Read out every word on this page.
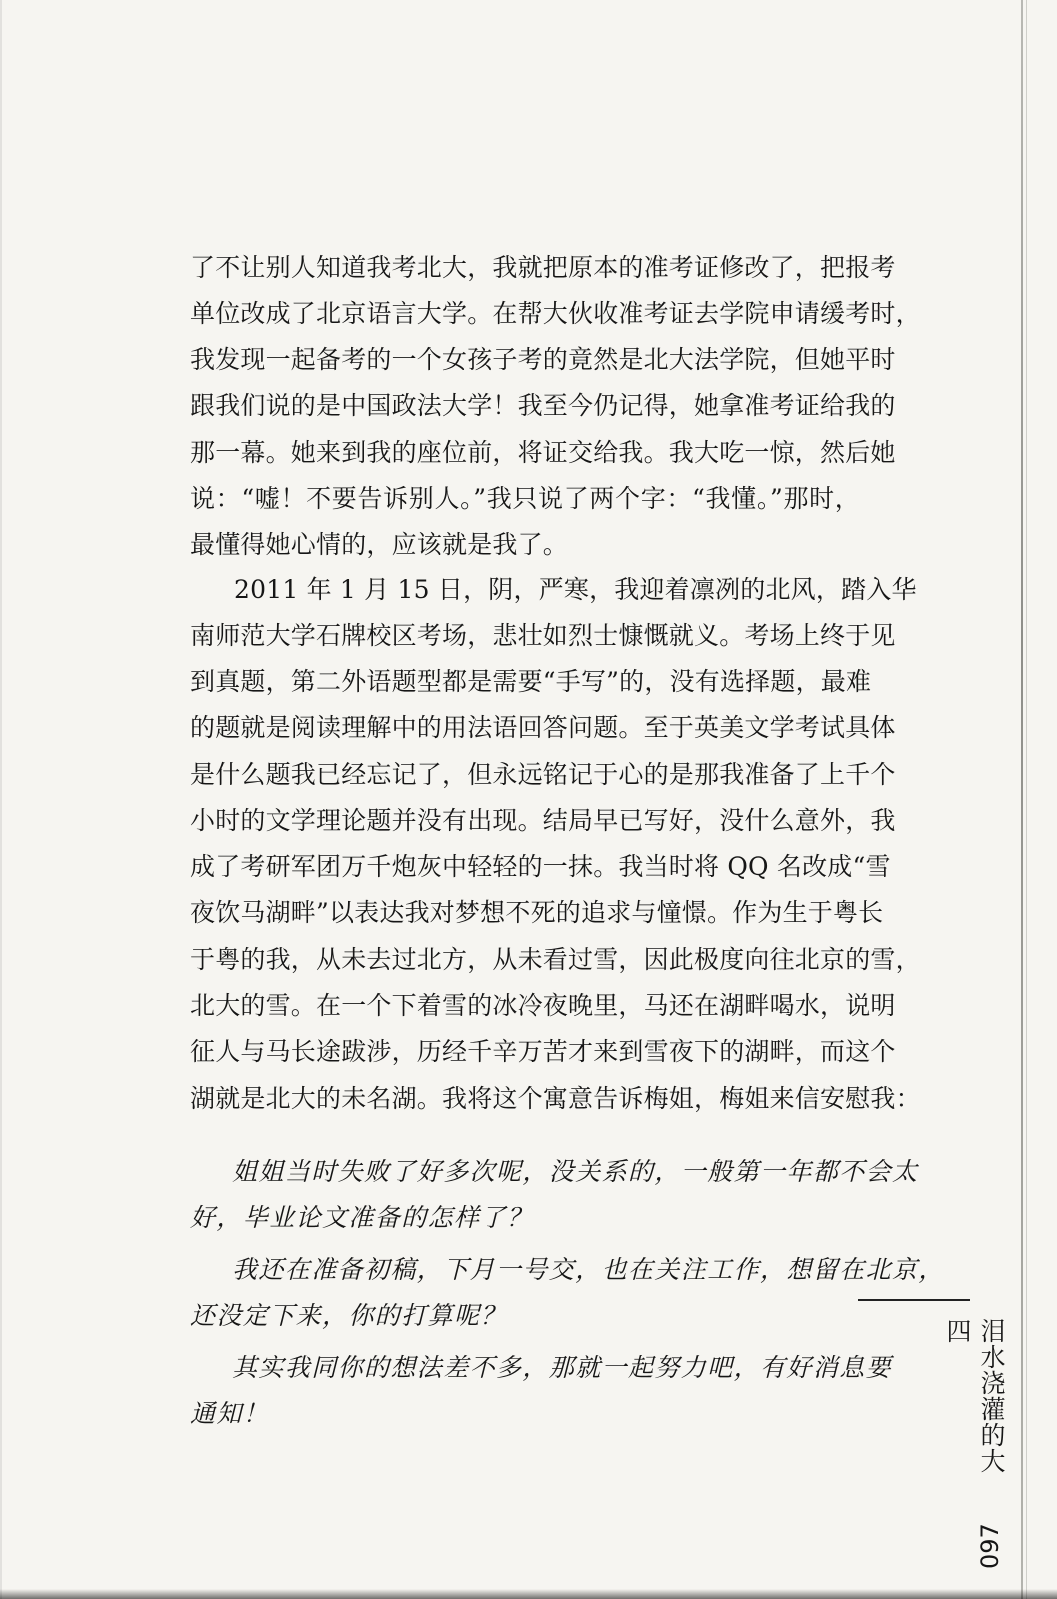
了不让别人知道我考北大，我就把原本的准考证修改了，把报考
单位改成了北京语言大学。在帮大伙收准考证去学院申请缓考时，
我发现一起备考的一个女孩子考的竟然是北大法学院，但她平时
跟我们说的是中国政法大学！我至今仍记得，她拿准考证给我的
那一幕。她来到我的座位前，将证交给我。我大吃一惊，然后她
说：“嘘！不要告诉别人。”我只说了两个字：“我懂。”那时，
最懂得她心情的，应该就是我了。
2011 年 1 月 15 日，阴，严寒，我迎着凛冽的北风，踏入华
南师范大学石牌校区考场，悲壮如烈士慷慨就义。考场上终于见
到真题，第二外语题型都是需要“手写”的，没有选择题，最难
的题就是阅读理解中的用法语回答问题。至于英美文学考试具体
是什么题我已经忘记了，但永远铭记于心的是那我准备了上千个
小时的文学理论题并没有出现。结局早已写好，没什么意外，我
成了考研军团万千炮灰中轻轻的一抹。我当时将 QQ 名改成“雪
夜饮马湖畔”以表达我对梦想不死的追求与憧憬。作为生于粤长
于粤的我，从未去过北方，从未看过雪，因此极度向往北京的雪，
北大的雪。在一个下着雪的冰冷夜晚里，马还在湖畔喝水，说明
征人与马长途跋涉，历经千辛万苦才来到雪夜下的湖畔，而这个
湖就是北大的未名湖。我将这个寓意告诉梅姐，梅姐来信安慰我：
姐姐当时失败了好多次呢，没关系的，一般第一年都不会太
好，毕业论文准备的怎样了？
我还在准备初稿，下月一号交，也在关注工作，想留在北京，
还没定下来，你的打算呢？
其实我同你的想法差不多，那就一起努力吧，有好消息要
通知！	泪水浇灌的大四
097
